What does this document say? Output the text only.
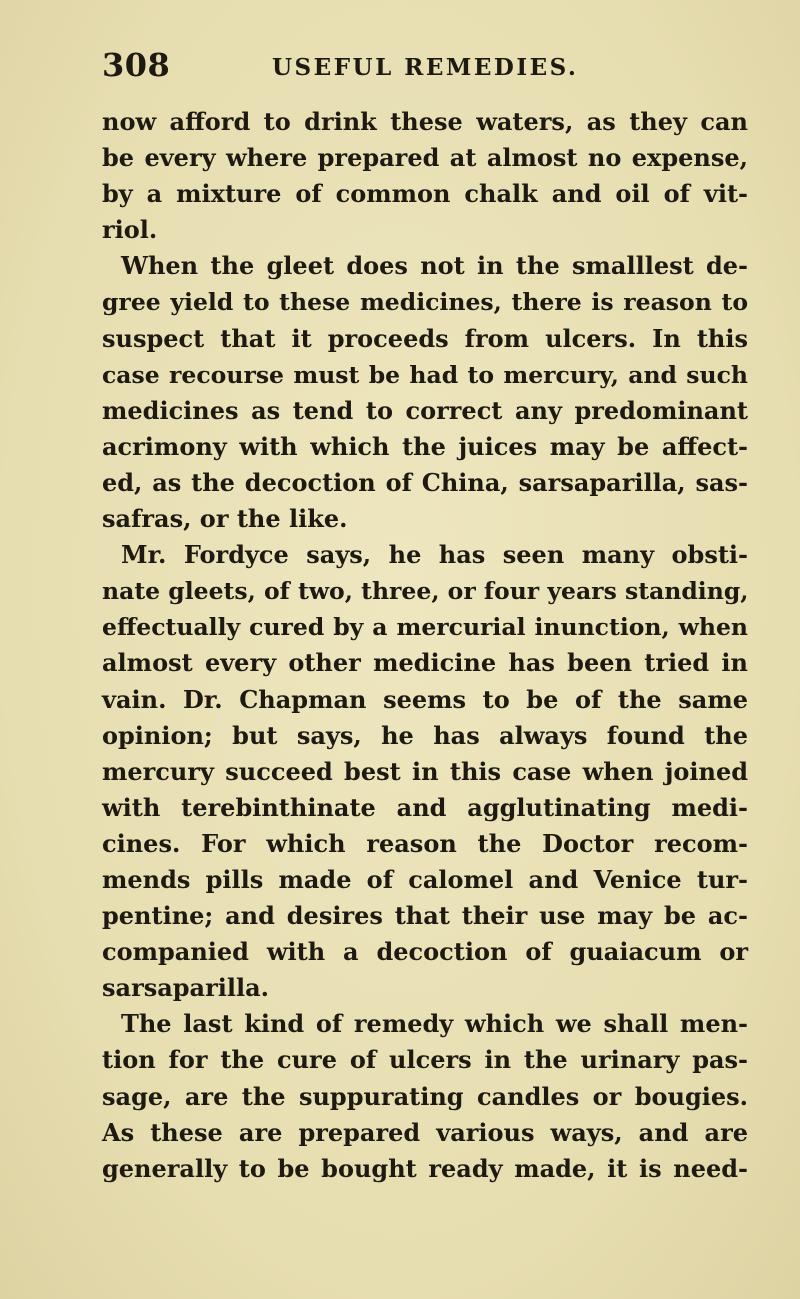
308	USEFUL REMEDIES.
now afford to drink these waters, as they can
be every where prepared at almost no expense,
by a mixture of common chalk and oil of vit-
riol.
When the gleet does not in the smalllest de-
gree yield to these medicines, there is reason to
suspect that it proceeds from ulcers. In this
case recourse must be had to mercury, and such
medicines as tend to correct any predominant
acrimony with which the juices may be affect-
ed, as the decoction of China, sarsaparilla, sas-
safras, or the like.
Mr. Fordyce says, he has seen many obsti-
nate gleets, of two, three, or four years standing,
effectually cured by a mercurial inunction, when
almost every other medicine has been tried in
vain. Dr. Chapman seems to be of the same
opinion; but says, he has always found the
mercury succeed best in this case when joined
with terebinthinate and agglutinating medi-
cines. For which reason the Doctor recom-
mends pills made of calomel and Venice tur-
pentine; and desires that their use may be ac-
companied with a decoction of guaiacum or
sarsaparilla.
The last kind of remedy which we shall men-
tion for the cure of ulcers in the urinary pas-
sage, are the suppurating candles or bougies.
As these are prepared various ways, and are
generally to be bought ready made, it is need-
